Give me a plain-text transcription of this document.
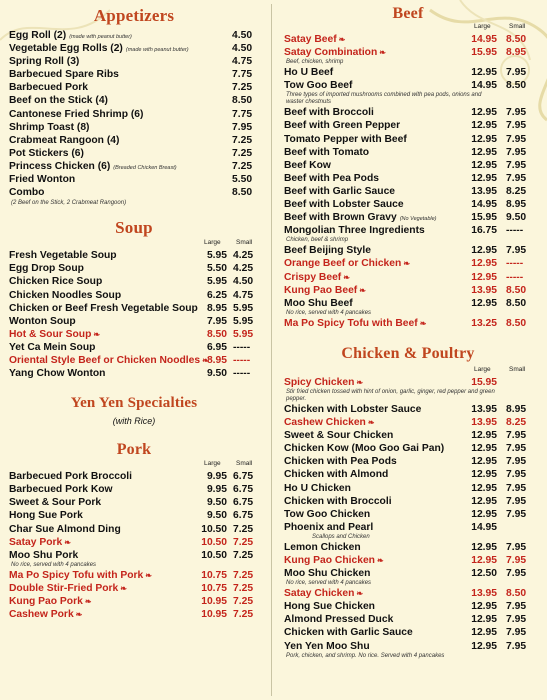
Appetizers
Egg Roll (2) (made with peanut butter)	4.50
Vegetable Egg Rolls (2) (made with peanut butter)	4.50
Spring Roll (3)	4.75
Barbecued Spare Ribs	7.75
Barbecued Pork	7.25
Beef on the Stick (4)	8.50
Cantonese Fried Shrimp (6)	7.75
Shrimp Toast (8)	7.95
Crabmeat Rangoon (4)	7.25
Pot Stickers (6)	7.25
Princess Chicken (6) (Breaded Chicken Breast)	7.25
Fried Wonton	5.50
Combo	8.50
(2 Beef on the Stick, 2 Crabmeat Rangoon)
Soup
Large Small
Fresh Vegetable Soup	5.95 4.25
Egg Drop Soup	5.50 4.25
Chicken Rice Soup	5.95 4.50
Chicken Noodles Soup	6.25 4.75
Chicken or Beef Fresh Vegetable Soup 8.95 5.95
Wonton Soup	7.95 5.95
Hot & Sour Soup ❧	8.50 5.95
Yet Ca Mein Soup	6.95 -----
Oriental Style Beef or Chicken Noodles ❧
8.95 -----
Yang Chow Wonton	9.50 -----
Yen Yen Specialties
(with Rice)
Pork
Large Small
Barbecued Pork Broccoli	9.95 6.75
Barbecued Pork Kow	9.95 6.75
Sweet & Sour Pork	9.50 6.75
Hong Sue Pork	9.50 6.75
Char Sue Almond Ding	10.50 7.25
Satay Pork ❧	10.50 7.25
Moo Shu Pork	10.50 7.25
No rice, served with 4 pancakes
Ma Po Spicy Tofu with Pork ❧	10.75 7.25
Double Stir-Fried Pork ❧	10.75 7.25
Kung Pao Pork ❧	10.95 7.25
Cashew Pork ❧	10.95 7.25
Beef
Large	Small
Satay Beef ❧	14.95 8.50
Satay Combination ❧	15.95 8.95
Beef, chicken, shrimp
Ho U Beef	12.95 7.95
Tow Goo Beef	14.95 8.50
Three types of imported mushrooms combined with pea pods, onions and waster chestnuts
Beef with Broccoli	12.95 7.95
Beef with Green Pepper	12.95 7.95
Tomato Pepper with Beef	12.95 7.95
Beef with Tomato	12.95 7.95
Beef Kow	12.95 7.95
Beef with Pea Pods	12.95 7.95
Beef with Garlic Sauce	13.95 8.25
Beef with Lobster Sauce	14.95 8.95
Beef with Brown Gravy (No Vegetable)	15.95 9.50
Mongolian Three Ingredients	16.75 -----
Chicken, beef & shrimp
Beef Beijing Style	12.95 7.95
Orange Beef or Chicken ❧	12.95 -----
Crispy Beef ❧	12.95 -----
Kung Pao Beef ❧	13.95 8.50
Moo Shu Beef	12.95 8.50
No rice, served with 4 pancakes
Ma Po Spicy Tofu with Beef ❧	13.25 8.50
Chicken & Poultry
Large	Small
Spicy Chicken ❧	15.95
Stir fried chicken tossed with hint of onion, garlic, ginger, red pepper and green pepper.
Chicken with Lobster Sauce	13.95 8.95
Cashew Chicken ❧	13.95 8.25
Sweet & Sour Chicken	12.95 7.95
Chicken Kow (Moo Goo Gai Pan)	12.95 7.95
Chicken with Pea Pods	12.95 7.95
Chicken with Almond	12.95 7.95
Ho U Chicken	12.95 7.95
Chicken with Broccoli	12.95 7.95
Tow Goo Chicken	12.95 7.95
Phoenix and Pearl	14.95
Scallops and Chicken
Lemon Chicken	12.95 7.95
Kung Pao Chicken ❧	12.95 7.95
Moo Shu Chicken	12.50 7.95
No rice, served with 4 pancakes
Satay Chicken ❧	13.95 8.50
Hong Sue Chicken	12.95 7.95
Almond Pressed Duck	12.95 7.95
Chicken with Garlic Sauce	12.95 7.95
Yen Yen Moo Shu	12.95 7.95
Pork, chicken, and shrimp. No rice. Served with 4 pancakes
